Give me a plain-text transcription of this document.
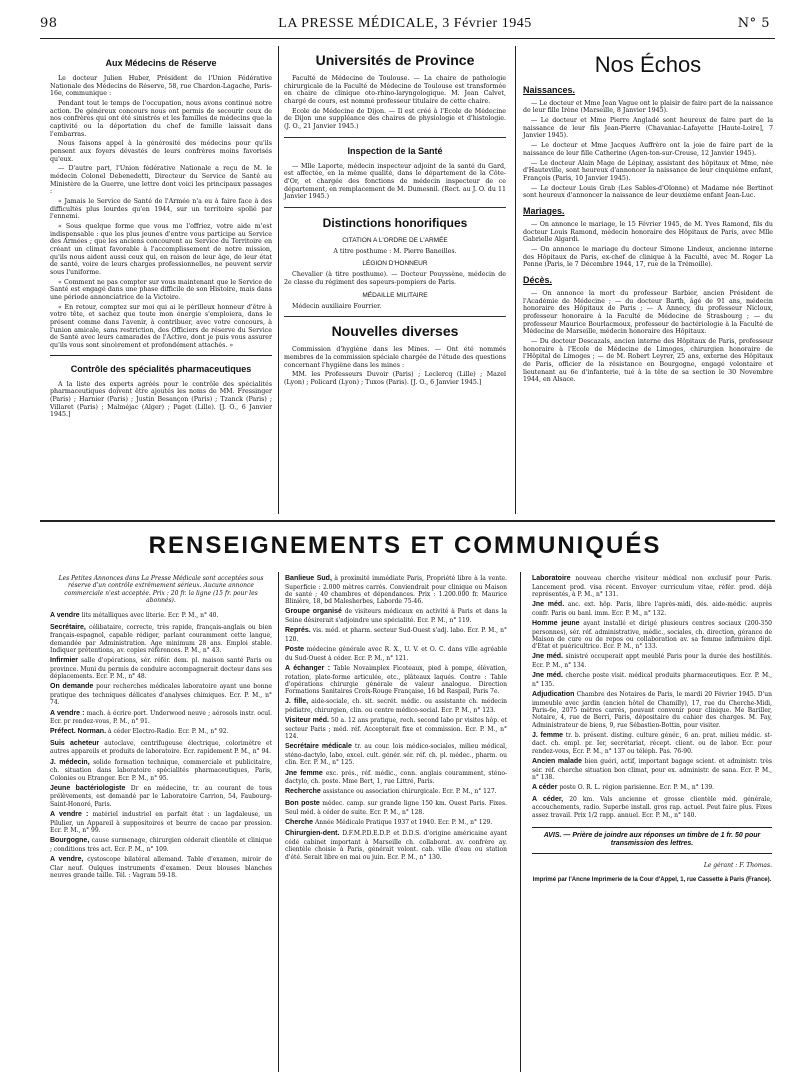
98	LA PRESSE MÉDICALE, 3 Février 1945	N° 5
Aux Médecins de Réserve

Le docteur Julien Huber, Président de l'Union Fédérative Nationale des Médecins de Réserve, 58, rue Chardon-Lagache, Paris-16e, communique :

Pendant tout le temps de l'occupation, nous avons continué notre action. De généreux concours nous ont permis de secourir ceux de nos confrères qui ont été sinistrés et les familles de médecins que la captivité ou la déportation du chef de famille laissait dans l'embarras.

Nous faisons appel à la générosité des médecins pour qu'ils pensent aux foyers dévastés de leurs confrères moins favorisés qu'eux.

— D'autre part, l'Union fédérative Nationale a reçu de M. le médecin Colonel Debenedetti, Directeur du Service de Santé au Ministère de la Guerre, une lettre dont voici les principaux passages :

« Jamais le Service de Santé de l'Armée n'a eu à faire face à des difficultés plus lourdes qu'en 1944, sur un territoire spolié par l'ennemi.

« Sous quelque forme que vous me l'offriez, votre aide m'est indispensable : que les plus jeunes d'entre vous participe au Service des Armées ; que les anciens concourent au Service du Territoire en créant un climat favorable à l'accomplissement de notre mission, qu'ils nous aident aussi ceux qui, en raison de leur âge, de leur état de santé, voire de leurs charges professionnelles, ne peuvent servir sous l'uniforme.

« Comment ne pas compter sur vous maintenant que le Service de Santé est engagé dans une phase difficile de son Histoire, mais dans une période annonciatrice de la Victoire.

« En retour, comptez sur moi qui ai le périlleux honneur d'être à votre tête, et sachez que toute mon énergie s'emploiera, dans le présent comme dans l'avenir, à contribuer, avec votre concours, à l'union amicale, sans restriction, des Officiers de réserve du Service de Santé avec leurs camarades de l'Active, dont je puis vous assurer qu'ils vous sont sincèrement et profondément attachés. »

Contrôle des spécialités pharmaceutiques

A la liste des experts agréés pour le contrôle des spécialités pharmaceutiques doivent être ajoutés les noms de MM. Fressinger (Paris) ; Harnier (Paris) ; Justin Besançon (Paris) ; Tzanck (Paris) ; Villaret (Paris) ; Malméjac (Alger) ; Paget (Lille). [J. O., 6 Janvier 1945.]

Universités de Province

Faculté de Médecine de Toulouse. — La chaire de pathologie chirurgicale de la Faculté de Médecine de Toulouse est transformée en chaire de clinique oto-rhino-laryngologique. M. Jean Calvet, chargé de cours, est nommé professeur titulaire de cette chaire.

Ecole de Médecine de Dijon. — Il est créé à l'Ecole de Médecine de Dijon une suppléance des chaires de physiologie et d'histologie. (J. O., 21 Janvier 1945.)

Inspection de la Santé

— Mlle Laporte, médecin inspecteur adjoint de la santé du Gard, est affectée, en la même qualité, dans le département de la Côte-d'Or, et chargée des fonctions de médecin inspecteur de ce département, en remplacement de M. Dumesnil. (Rect. au J. O. du 11 Janvier 1945.)

Distinctions honorifiques
CITATION A L'ORDRE DE L'ARMÉE

A titre posthume : M. Pierre Baneilles.

LÉGION D'HONNEUR

Chevalier (à titre posthume). — Docteur Pouyssène, médecin de 2e classe du régiment des sapeurs-pompiers de Paris.

MÉDAILLE MILITAIRE

Médecin auxiliaire Fourrier.

Nouvelles diverses

Commission d'hygiène dans les Mines. — Ont été nommés membres de la commission spéciale chargée de l'étude des questions concernant l'hygiène dans les mines :

MM. les Professeurs Duvoir (Paris) ; Leclercq (Lille) ; Mazel (Lyon) ; Policard (Lyon) ; Tuxos (Paris). [J. O., 6 Janvier 1945.]

Nos Échos
Naissances.

— Le docteur et Mme Jean Vague ont le plaisir de faire part de la naissance de leur fille Irène (Marseille, 8 Janvier 1945).

— Le docteur et Mme Pierre Angladé sont heureux de faire part de la naissance de leur fils Jean-Pierre (Chavaniac-Lafayette [Haute-Loire], 7 Janvier 1945).

— Le docteur et Mme Jacques Auffrère ont la joie de faire part de la naissance de leur fille Catherine (Agen-ton-sur-Creuse, 12 Janvier 1945).

— Le docteur Alain Mage de Lépinay, assistant des hôpitaux et Mme, née d'Hauteville, sont heureux d'annoncer la naissance de leur cinquième enfant, François (Paris, 10 Janvier 1945).

— Le docteur Louis Grab (Les Sables-d'Olonne) et Madame née Bertinot sont heureux d'annoncer la naissance de leur deuxième enfant Jean-Luc.

Mariages.

— On annonce le mariage, le 15 Février 1945, de M. Yves Ramond, fils du docteur Louis Ramond, médecin honoraire des Hôpitaux de Paris, avec Mlle Gabrielle Algardi.

— On annonce le mariage du docteur Simone Lindeux, ancienne interne des Hôpitaux de Paris, ex-chef de clinique à la Faculté, avec M. Roger La Penne (Paris, le 7 Décembre 1944, 17, rue de la Trémoille).

Décès.

— On annonce la mort du professeur Barbier, ancien Président de l'Académie de Médecine ; — du docteur Barth, âgé de 91 ans, médecin honoraire des Hôpitaux de Paris ; — A Annecy, du professeur Nicloux, professeur honoraire à la Faculté de Médecine de Strasbourg ; — du professeur Maurice Bourlacmoux, professeur de bactériologie à la Faculté de Médecine de Marseille, médecin honoraire des Hôpitaux.

— Du docteur Descazals, ancien interne des Hôpitaux de Paris, professeur honoraire à l'Ecole de Médecine de Limoges, chirurgien honoraire de l'Hôpital de Limoges ; — de M. Robert Leyrer, 25 ans, externe des Hôpitaux de Paris, officier de la résistance en Bourgogne, engagé volontaire et lieutenant au 6e d'infanterie, tué à la tête de sa section le 30 Novembre 1944, en Alsace.

RENSEIGNEMENTS ET COMMUNIQUÉS

Les Petites Annonces dans La Presse Médicale sont acceptées sous réserve d'un contrôle extrêmement sérieux. Aucune annonce commerciale n'est acceptée. Prix : 20 fr. la ligne (15 fr. pour les abonnés).

A vendre lits métalliques avec literie. Ecr. P. M., n° 40.

Secrétaire, célibataire, correcte, très rapide, français-anglais ou bien français-espagnol, capable rédiger, parlant couramment cette langue, demandée par Administration. Age minimum 28 ans. Emploi stable. Indiquer prétentions, av. copies références. P. M., n° 43.

Infirmier salle d'opérations, sér. référ. dem. pl. maison santé Paris ou province. Muni du permis de conduire accompagnerait docteur dans ses déplacements. Ecr. P. M., n° 48.

On demande pour recherches médicales laboratoire ayant une bonne pratique des techniques délicates d'analyses chimiques. Ecr. P. M., n° 74.

A vendre : mach. à écrire port. Underwood neuve ; aérosols instr. ocul. Ecr. pr rendez-vous, P. M., n° 91.

Préfect. Norman. à céder Electro-Radio. Ecr. P. M., n° 92.

Suis acheteur autoclave, centrifugeuse électrique, colorimètre et autres appareils et produits de laboratoire. Ecr. rapidement P. M., n° 94.

J. médecin, solide formation technique, commerciale et publicitaire, ch. situation dans laboratoire spécialités pharmaceutiques, Paris, Colonies ou Etranger. Ecr. P. M., n° 95.

Jeune bactériologiste Dr en médecine, tr. au courant de tous prélèvements, est demandé par le Laboratoire Carrion, 54, Faubourg-Saint-Honoré, Paris.

A vendre : matériel industriel en parfait état : un lagdaleuse, un Pilulier, un Appareil à suppositoires et beurre de cacao par pression. Ecr. P. M., n° 99.

Bourgogne, cause surmenage, chirurgien céderait clientèle et clinique ; conditions très act. Ecr. P. M., n° 109.

A vendre, cystoscope bilatéral allemand. Table d'examen, miroir de Clar neuf. Ouïques instruments d'examen. Deux blouses blanches neuves grande taille. Tél. : Vagram 59-18.

Banlieue Sud, à proximité immédiate Paris, Propriété libre à la vente. Superficie : 2.000 mètres carrés. Conviendrait pour clinique ou Maison de santé ; 40 chambres et dépendances. Prix : 1.200.000 fr. Maurice Blinière, 18, bd Malesherbes, Laborde 75-46.

Groupe organisé de visiteurs médicaux en activité à Paris et dans la Seine désirerait s'adjoindre une spécialité. Ecr. P. M., n° 119.

Représ. vis. méd. et pharm. secteur Sud-Ouest s'adj. labo. Ecr. P. M., n° 120.

Poste médecine générale avec R. X., U. V. et O. C. dans ville agréable du Sud-Ouest à céder. Ecr. P. M., n° 121.

A échanger : Table Novaimplex Ficoteaux, pied à pompe, élévation, rotation, plate-forme articulée, etc., plâteaux laqués. Contre : Table d'opérations chirurgie générale de valeur analogue. Direction Formations Sanitaires Croix-Rouge Française, 16 bd Raspail, Paris 7e.

J. fille, aide-sociale, ch. sit. secrét. médic. ou assistante ch. médecin pédiatre, chirurgien, clin. ou centre médico-social. Ecr. P. M., n° 123.

Visiteur méd. 50 a. 12 ans pratique, rech. second labo pr visites hôp. et secteur Paris ; méd. réf. Accepterait fixe et commission. Ecr. P. M., n° 124.

Secrétaire médicale tr. au cour. lois médico-sociales, milieu médical, sténo-dactylo, labo, excel. cult. génér. sér. réf. ch. pl. médec., pharm. ou clin. Ecr. P. M., n° 125.

Jne femme exc. prés., réf. médic., conn. anglais couramment, sténo-dactylo, ch. poste. Mme Bert, 1, rue Littré, Paris.

Recherche assistance ou association chirurgicale. Ecr. P. M., n° 127.

Bon poste médec. camp. sur grande ligne 150 km. Ouest Paris. Fixes. Seul méd. à céder de suite. Ecr. P. M., n° 128.

Cherche Année Médicale Pratique 1937 et 1940. Ecr. P. M., n° 129.

Chirurgien-dent. D.F.M.P.D.E.D.P. et D.D.S. d'origine américaine ayant cédé cabinet important à Marseille ch. collaborat. av. confrère ay. clientèle choisie à Paris, générait volont. cab. ville d'eau ou station d'été. Serait libre en mai ou juin. Ecr. P. M., n° 130.

Laboratoire nouveau cherche visiteur médical non exclusif pour Paris. Lancement prod. visa récent. Envoyer curriculum vitae, référ. prod. déjà représentés, à P. M., n° 131.

Jne méd. anc. ext. hôp. Paris, libre l'après-midi, dés. aide-médic. auprès confr. Paris ou banl. imm. Ecr. P. M., n° 132.

Homme jeune ayant installé et dirigé plusieurs centres sociaux (200-350 personnes), sér. réf. administrative, médic., sociales, ch. direction, gérance de Maison de cure ou de repos ou collaboration av. sa femme infirmière dipl. d'Etat et puéricultrice. Ecr. P. M., n° 133.

Jne méd. sinistré occuperait appt meublé Paris pour la durée des hostilités. Ecr. P. M., n° 134.

Jne méd. cherche poste visit. médical produits pharmaceutiques. Ecr. P. M., n° 135.

Adjudication Chambre des Notaires de Paris, le mardi 20 Février 1945. D'un immeuble avec jardin (ancien hôtel de Chamilly), 17, rue du Cherche-Midi, Paris-6e, 2075 mètres carrés, pouvant convenir pour clinique. Me Bariller, Notaire, 4, rue de Berri, Paris, dépositaire du cahier des charges. M. Fay, Administrateur de biens, 9, rue Sébastien-Bottin, pour visiter.

J. femme tr. b. présent. disting. culture génér., 6 an. prat. milieu médic. st-dact. ch. empl. pr. Ier, secrétariat, récept. client. ou de labor. Ecr. pour rendez-vous, Ecr. P. M., n° 137 ou téléph. Pas. 76-90.

Ancien malade bien guéri, actif, important bagage scient. et administr. très sér. réf. cherche situation bon climat, pour ex. administr. de sana. Ecr. P. M., n° 138.

A céder poste O. R. L. région parisienne. Ecr. P. M., n° 139.

A céder, 20 km. Vals ancienne et grosse clientèle méd. générale, accouchements, radio. Superbe install. gros rap. actuel. Peut faire plus. Fixes assez travail. Prix 1/2 rapp. annuel. Ecr. P. M., n° 140.

AVIS. — Prière de joindre aux réponses un timbre de 1 fr. 50 pour transmission des lettres.
Le gérant : F. Thomas.
Imprimé par l'Anc​ne Imprimerie de la Cour d'Appel, 1, rue Cassette à Paris (France).
